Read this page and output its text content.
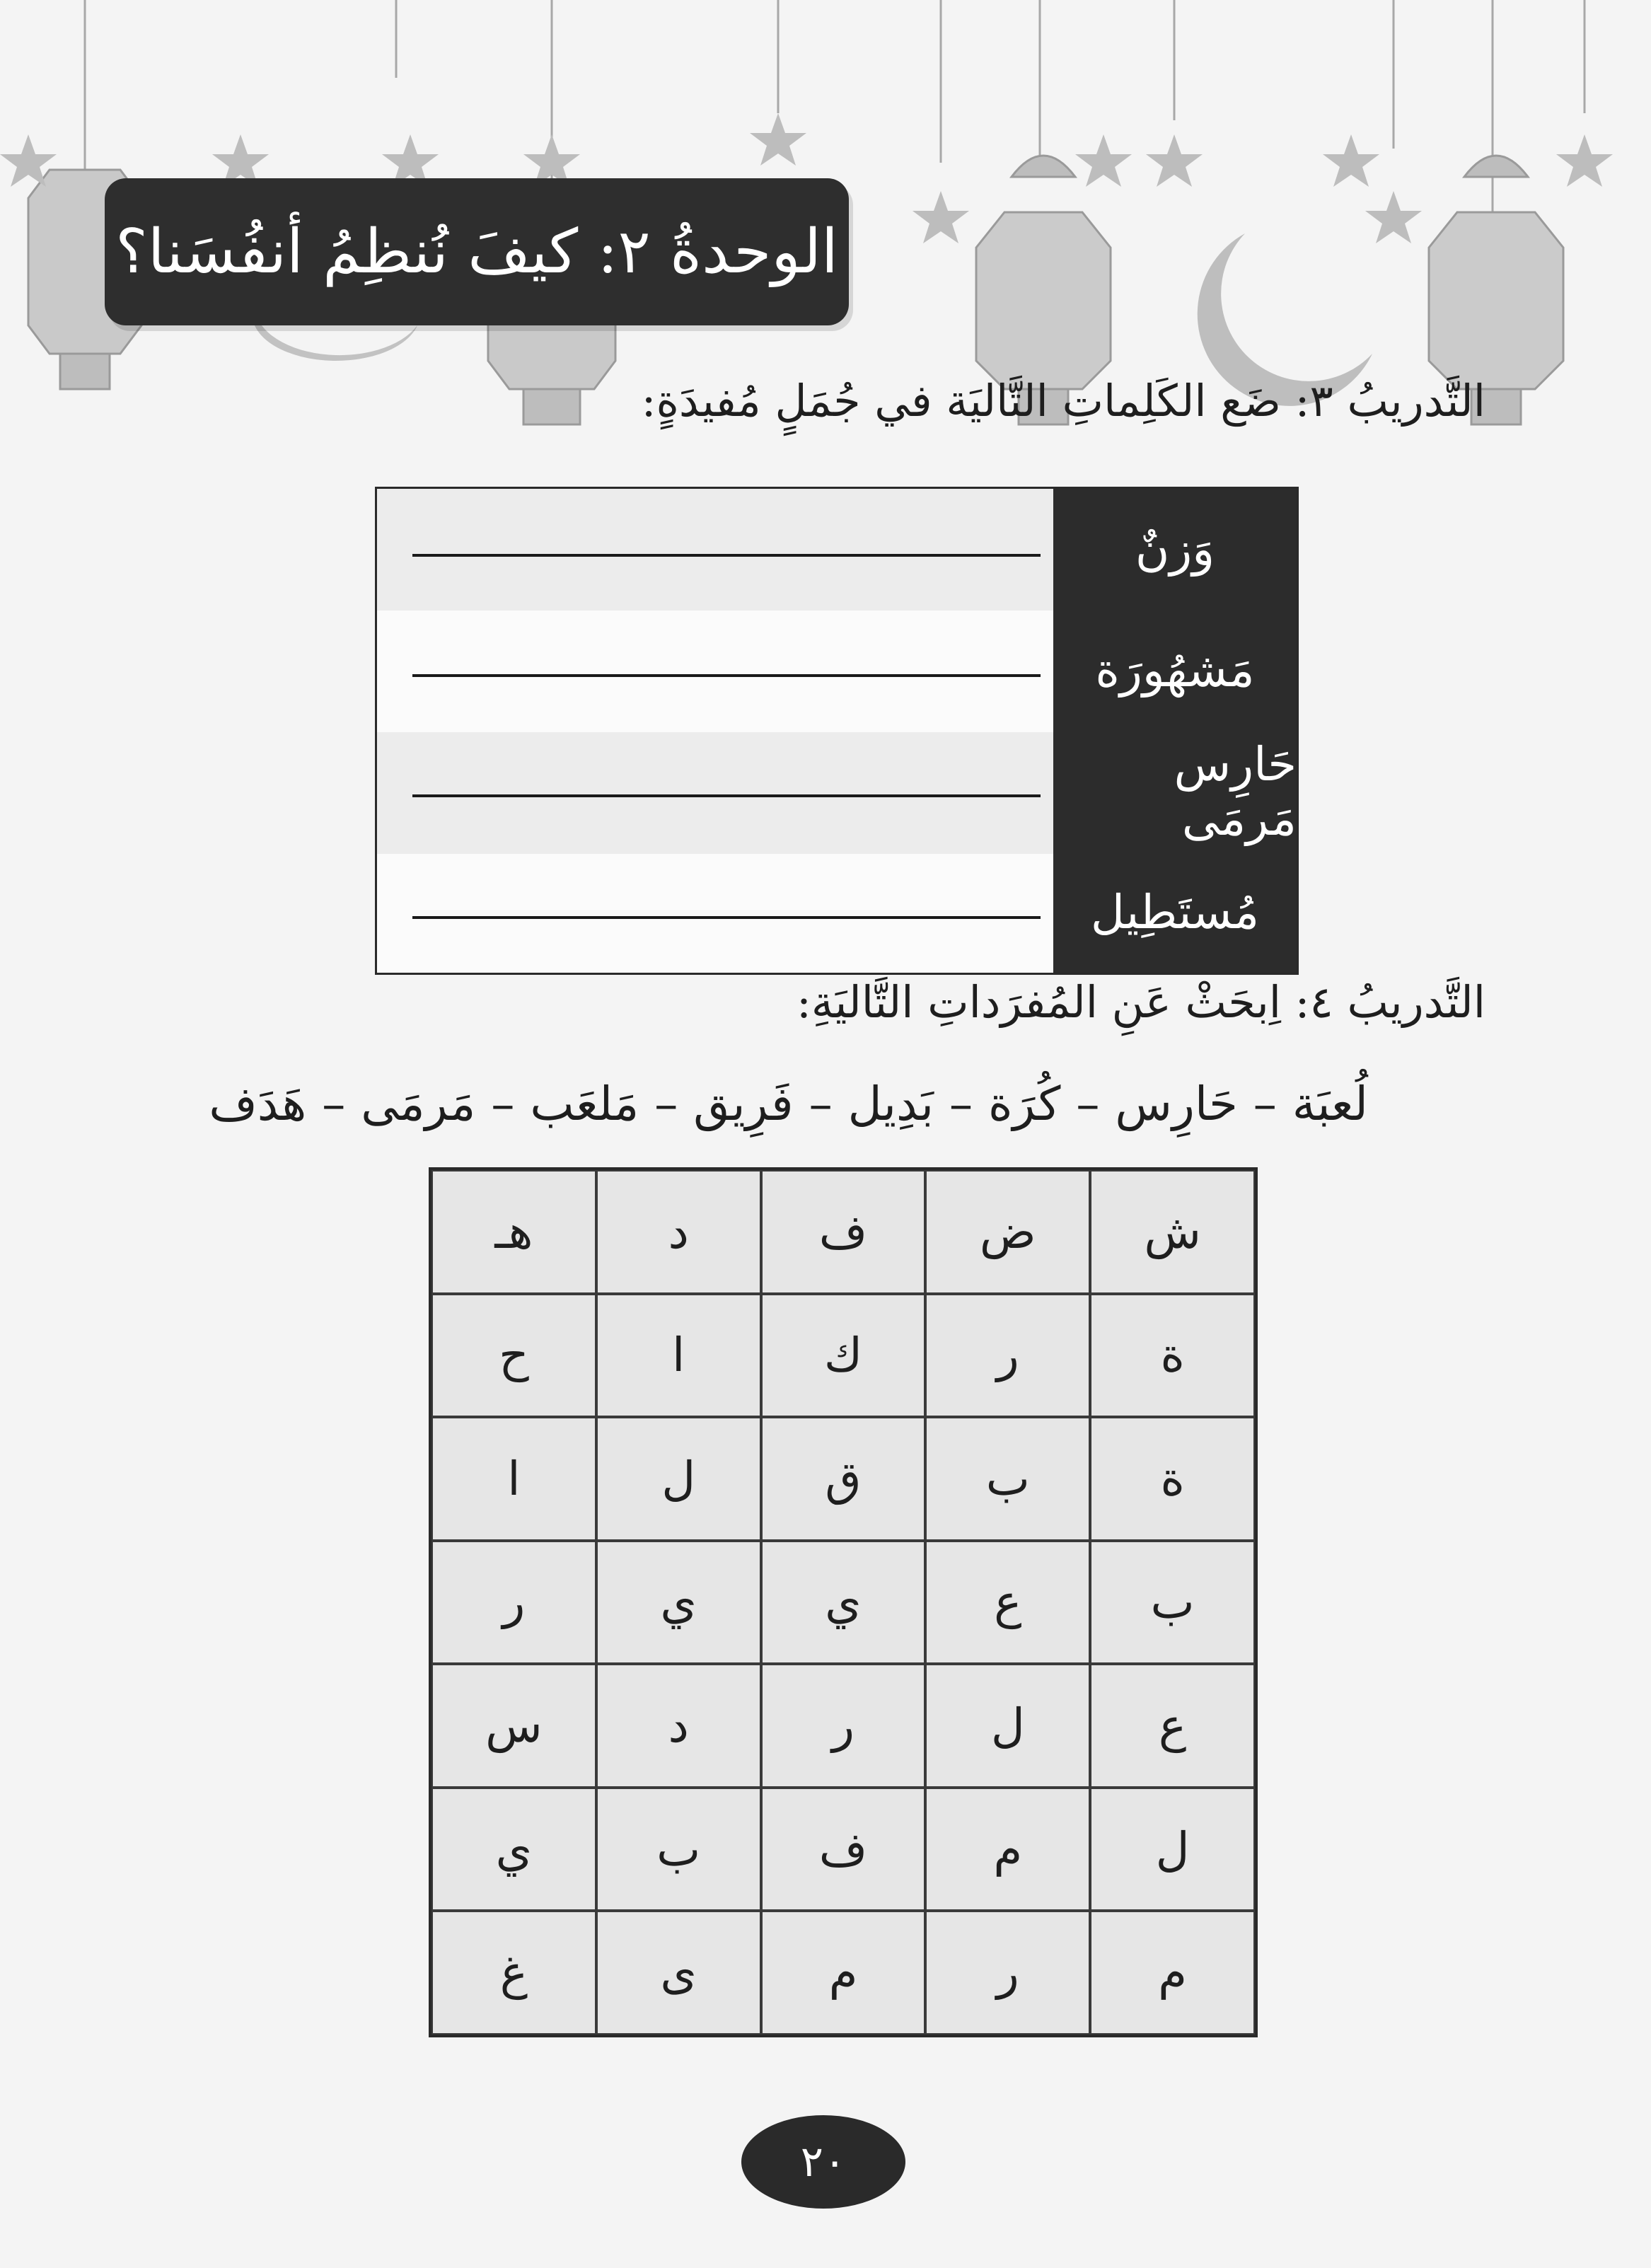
الوحدةُ ٢: كيفَ نُنظِمُ أنفُسَنا؟
التَّدريبُ ٣: ضَع الكَلِماتِ التَّاليَة في جُمَلٍ مُفيدَةٍ:
وَزنٌ
مَشهُورَة
حَارِس مَرمَى
مُستَطِيل
التَّدريبُ ٤: اِبحَثْ عَنِ المُفرَداتِ التَّاليَةِ:
لُعبَة
–
حَارِس
–
كُرَة
–
بَدِيل
–
فَرِيق
–
مَلعَب
–
مَرمَى
–
هَدَف
ش
ض
ف
د
هـ
ة
ر
ك
ا
ح
ة
ب
ق
ل
ا
ب
ع
ي
ي
ر
ع
ل
ر
د
س
ل
م
ف
ب
ي
م
ر
م
ى
غ
٢٠
